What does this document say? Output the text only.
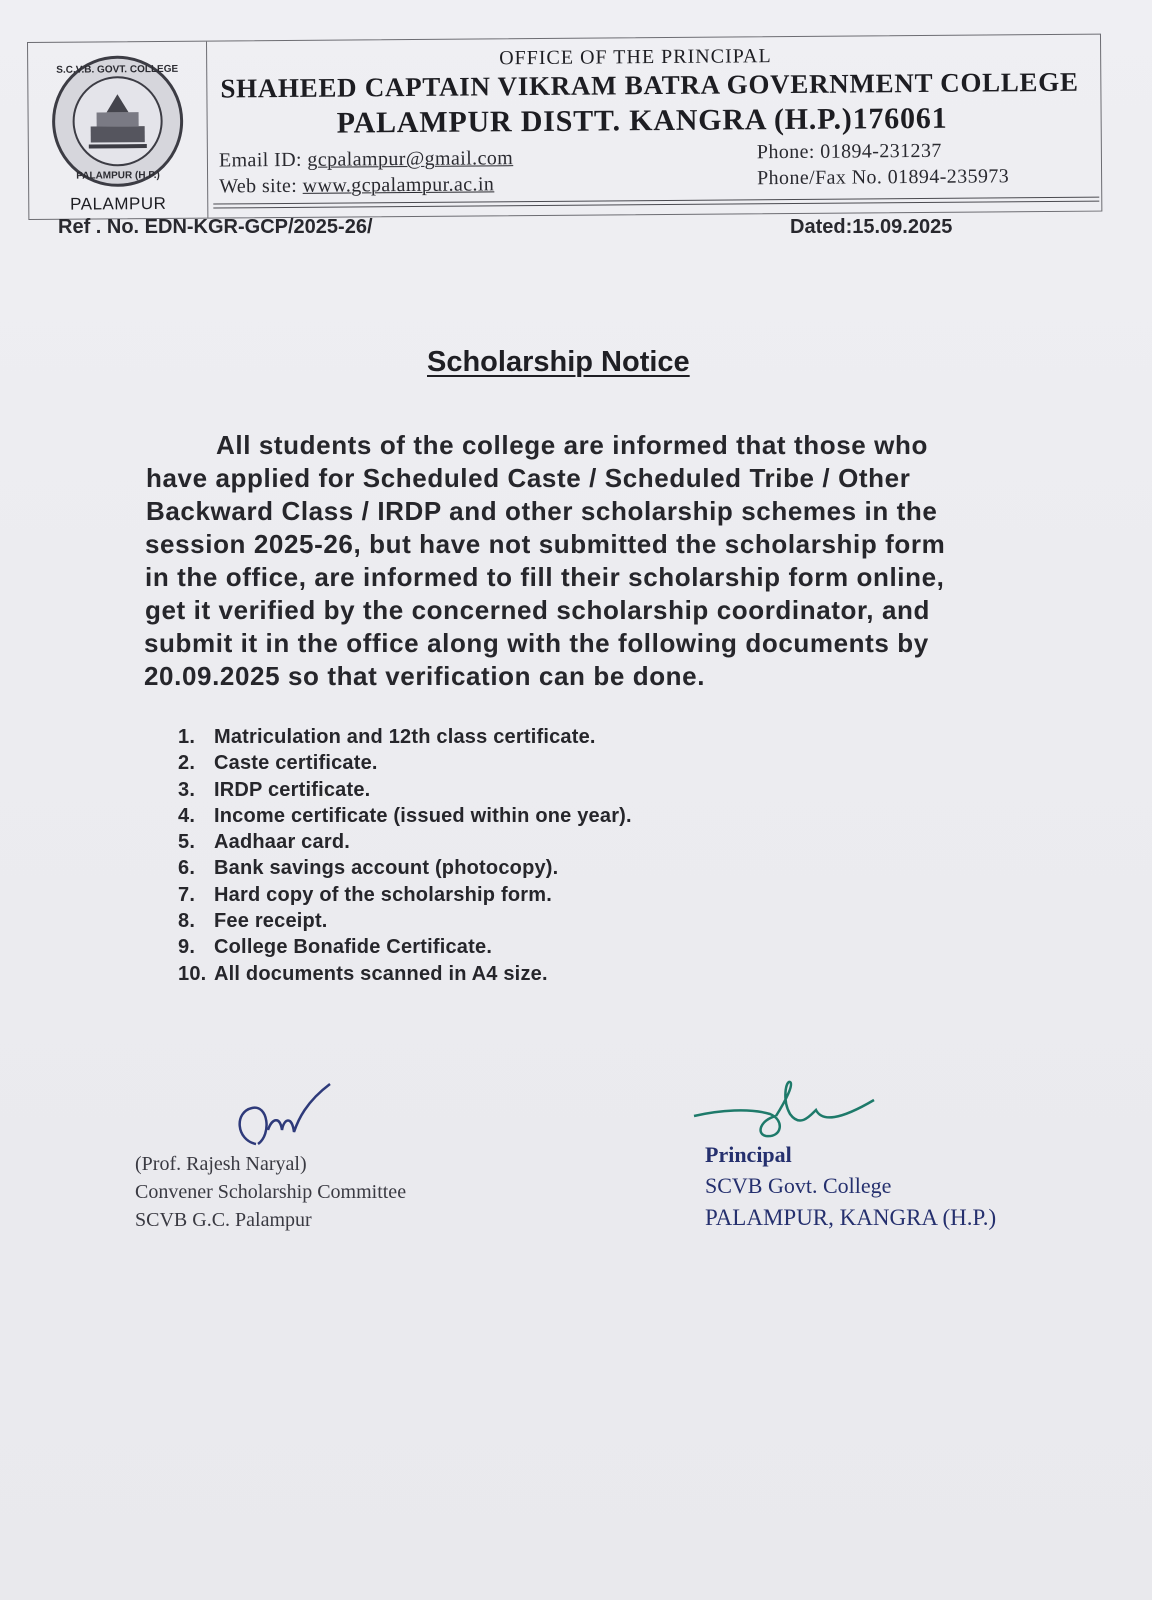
S.C.V.B. GOVT. COLLEGE
PALAMPUR (H.P.)
PALAMPUR
OFFICE OF THE PRINCIPAL
SHAHEED CAPTAIN VIKRAM BATRA GOVERNMENT COLLEGE
PALAMPUR DISTT. KANGRA (H.P.)176061
Email ID: gcpalampur@gmail.com
Web site: www.gcpalampur.ac.in
Phone: 01894-231237
Phone/Fax No. 01894-235973
Ref . No. EDN-KGR-GCP/2025-26/	Dated:15.09.2025
Scholarship Notice
All students of the college are informed that those who
have applied for Scheduled Caste / Scheduled Tribe / Other
Backward Class / IRDP and other scholarship schemes in the
session 2025-26, but have not submitted the scholarship form
in the office, are informed to fill their scholarship form online,
get it verified by the concerned scholarship coordinator, and
submit it in the office along with the following documents by
20.09.2025 so that verification can be done.
1. Matriculation and 12th class certificate.
2. Caste certificate.
3. IRDP certificate.
4. Income certificate (issued within one year).
5. Aadhaar card.
6. Bank savings account (photocopy).
7. Hard copy of the scholarship form.
8. Fee receipt.
9. College Bonafide Certificate.
10. All documents scanned in A4 size.
(Prof. Rajesh Naryal)
Convener Scholarship Committee
SCVB G.C. Palampur
Principal
SCVB Govt. College
PALAMPUR, KANGRA (H.P.)
